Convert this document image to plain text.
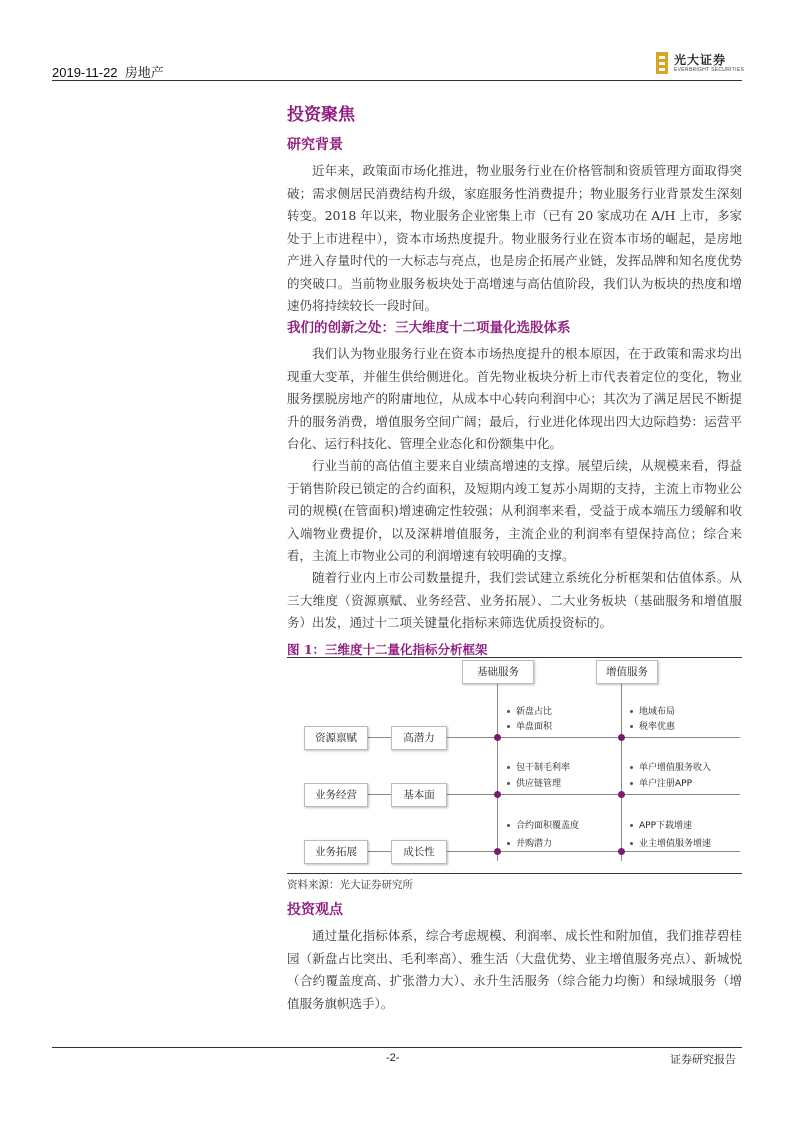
2019-11-22 房地产
光大证券
EVERBRIGHT SECURITIES
投资聚焦
研究背景
近年来，政策面市场化推进，物业服务行业在价格管制和资质管理方面取得突破；需求侧居民消费结构升级，家庭服务性消费提升；物业服务行业背景发生深刻转变。2018 年以来，物业服务企业密集上市（已有 20 家成功在 A/H 上市，多家处于上市进程中），资本市场热度提升。物业服务行业在资本市场的崛起，是房地产进入存量时代的一大标志与亮点，也是房企拓展产业链，发挥品牌和知名度优势的突破口。当前物业服务板块处于高增速与高估值阶段，我们认为板块的热度和增速仍将持续较长一段时间。
我们的创新之处：三大维度十二项量化选股体系
我们认为物业服务行业在资本市场热度提升的根本原因，在于政策和需求均出现重大变革，并催生供给侧进化。首先物业板块分析上市代表着定位的变化，物业服务摆脱房地产的附庸地位，从成本中心转向利润中心；其次为了满足居民不断提升的服务消费，增值服务空间广阔；最后，行业进化体现出四大边际趋势：运营平台化、运行科技化、管理全业态化和份额集中化。
行业当前的高估值主要来自业绩高增速的支撑。展望后续，从规模来看，得益于销售阶段已锁定的合约面积，及短期内竣工复苏小周期的支持，主流上市物业公司的规模(在管面积)增速确定性较强；从利润率来看，受益于成本端压力缓解和收入端物业费提价，以及深耕增值服务，主流企业的利润率有望保持高位；综合来看，主流上市物业公司的利润增速有较明确的支撑。
随着行业内上市公司数量提升，我们尝试建立系统化分析框架和估值体系。从三大维度（资源禀赋、业务经营、业务拓展）、二大业务板块（基础服务和增值服务）出发，通过十二项关键量化指标来筛选优质投资标的。
图 1：三维度十二量化指标分析框架
基础服务	增值服务
资源禀赋	高潜力
新盘占比
单盘面积
地域布局
税率优惠
业务经营	基本面
包干制毛利率
供应链管理
单户增值服务收入
单户注册APP
业务拓展	成长性
合约面积覆盖度
并购潜力
APP下载增速
业主增值服务增速
资料来源：光大证券研究所
投资观点
通过量化指标体系，综合考虑规模、利润率、成长性和附加值，我们推荐碧桂园（新盘占比突出、毛利率高）、雅生活（大盘优势、业主增值服务亮点）、新城悦（合约覆盖度高、扩张潜力大）、永升生活服务（综合能力均衡）和绿城服务（增值服务旗帜选手）。
-2-	证券研究报告
